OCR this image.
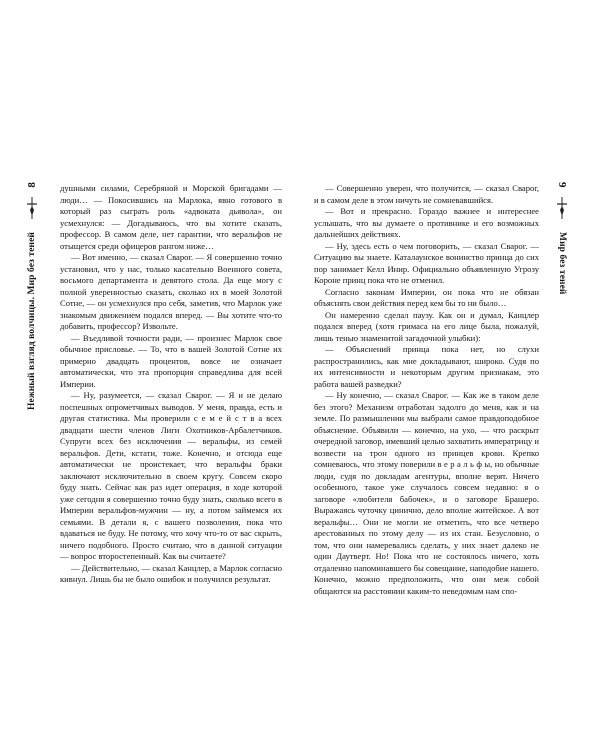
8
Нежный взгляд волчицы. Мир без теней

душными силами, Серебряной и Морской бригадами — люди… — Покосившись на Марлока, явно готового в который раз сыграть роль «адвоката дьявола», он усмехнулся: — Догадываюсь, что вы хотите сказать, профессор. В самом деле, нет гарантии, что веральфов не отыщется среди офицеров рангом ниже…

— Вот именно, — сказал Сварог. — Я совершенно точно установил, что у нас, только касательно Военного совета, восьмого департамента и девятого стола. Да еще могу с полной уверенностью сказать, сколько их в моей Золотой Сотне, — он усмехнулся про себя, заметив, что Марлок уже знакомым движением подался вперед. — Вы хотите что-то добавить, профессор? Извольте.

— Въедливой точности ради, — произнес Марлок свое обычное присловье. — То, что в вашей Золотой Сотне их примерно двадцать процентов, вовсе не означает автоматически, что эта пропорция справедлива для всей Империи.

— Ну, разумеется, — сказал Сварог. — Я и не делаю поспешных опрометчивых выводов. У меня, правда, есть и другая статистика. Мы проверили с е м е й с т в а всех двадцати шести членов Лиги Охотников-Арбалетчиков. Супруги всех без исключения — веральфы, из семей веральфов. Дети, кстати, тоже. Конечно, и отсюда еще автоматически не проистекает, что веральфы браки заключают исключительно в своем кругу. Совсем скоро буду знать. Сейчас как раз идет операция, в ходе которой уже сегодня я совершенно точно буду знать, сколько всего в Империи веральфов-мужчин — ну, а потом займемся их семьями. В детали я, с вашего позволения, пока что вдаваться не буду. Не потому, что хочу что-то от вас скрыть, ничего подобного. Просто считаю, что в данной ситуации — вопрос второстепенный. Как вы считаете?

— Действительно, — сказал Канцлер, а Марлок согласно кивнул. Лишь бы не было ошибок и получился результат.

— Совершенно уверен, что получится, — сказал Сварог, и в самом деле в этом ничуть не сомневавшийся.

— Вот и прекрасно. Гораздо важнее и интереснее услышать, что вы думаете о противнике и его возможных дальнейших действиях.

— Ну, здесь есть о чем поговорить, — сказал Сварог. — Ситуацию вы знаете. Каталаунское вонинство принца до сих пор занимает Келл Инир. Официально объявленную Угрозу Короне принц пока что не отменил.

Согласно законам Империи, он пока что не обязан объяснять свои действия перед кем бы то ни было…

Он намеренно сделал паузу. Как он и думал, Канцлер подался вперед (хотя гримаса на его лице была, пожалуй, лишь тенью знаменитой загадочной улыбки):

— Объяснений принца пока нет, но слухи распространились, как мне докладывают, широко. Судя по их интенсивности и некоторым другим признакам, это работа вашей разведки?

— Ну конечно, — сказал Сварог. — Как же в таком деле без этого? Механизм отработан задолго до меня, как и на земле. По размышлении мы выбрали самое правдоподобное объяснение. Объявили — конечно, на ухо, — что раскрыт очередной заговор, имевший целью захватить императрицу и возвести на трон одного из принцев крови. Крепко сомневаюсь, что этому поверили в е р а л ь ф ы, но обычные люди, судя по докладам агентуры, вполне верят. Ничего особенного, такое уже случалось совсем недавно: я о заговоре «любителя бабочек», и о заговоре Брашеро. Выражаясь чуточку цинично, дело вполне житейское. А вот веральфы… Они не могли не отметить, что все четверо арестованных по этому делу — из их стан. Безусловно, о том, что они намеревались сделать, у них знает далеко не один Даутверт. Но! Пока что не состоялось ничего, хоть отдаленно напоминавшего бы совещание, наподобие нашего. Конечно, можно предположить, что они меж собой общаются на расстоянии каким-то неведомым нам спо-

9
Мир без теней
